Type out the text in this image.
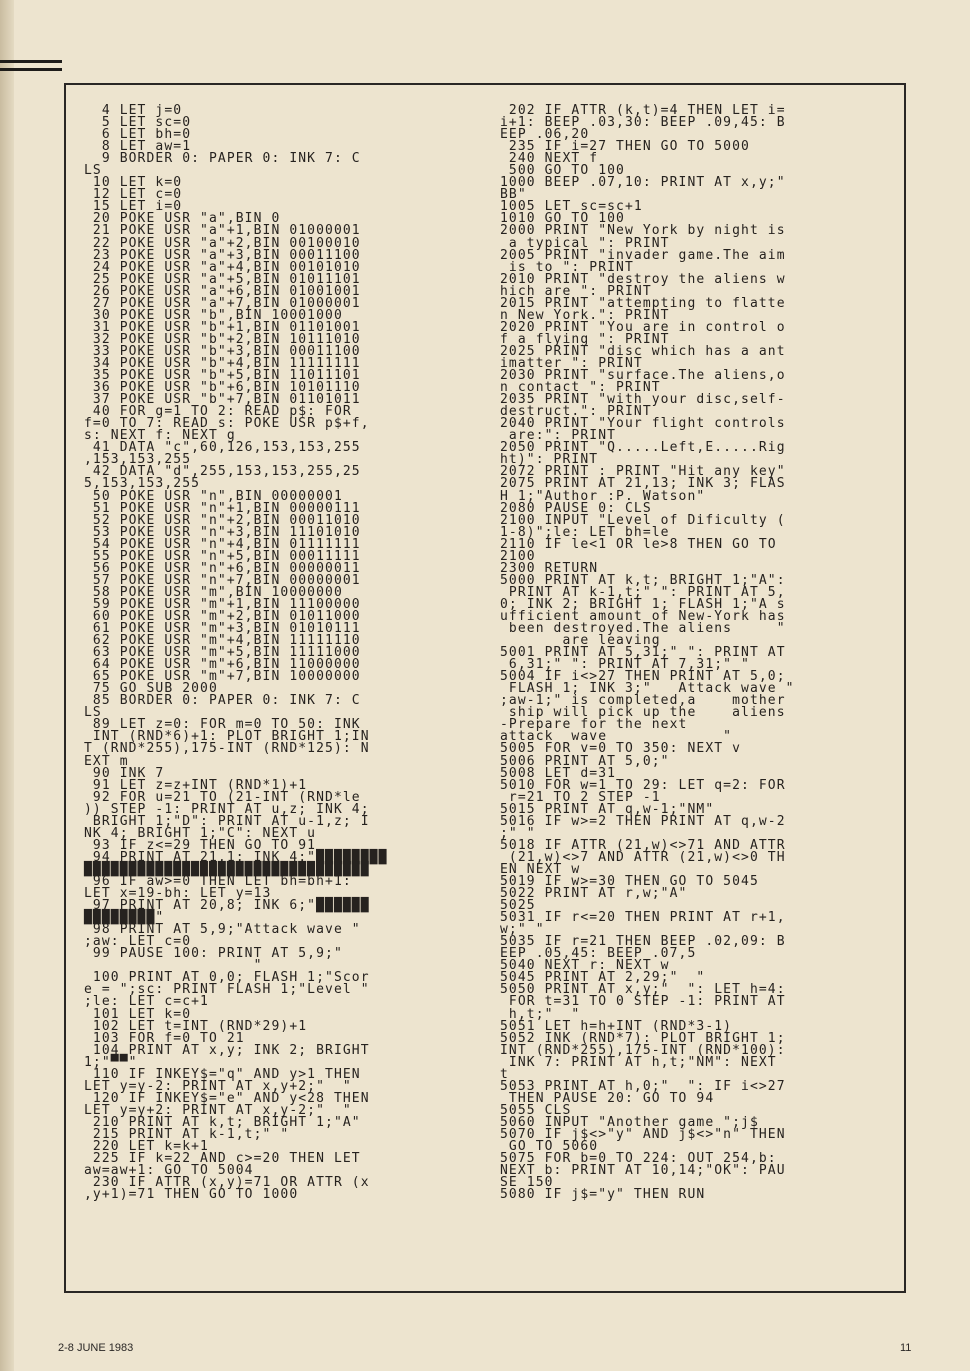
4 LET j=0
5 LET sc=0
6 LET bh=0
8 LET aw=1
9 BORDER 0: PAPER 0: INK 7: C
LS
10 LET k=0
12 LET c=0
15 LET i=0
20 POKE USR "a",BIN 0
21 POKE USR "a"+1,BIN 01000001
22 POKE USR "a"+2,BIN 00100010
23 POKE USR "a"+3,BIN 00011100
24 POKE USR "a"+4,BIN 00101010
25 POKE USR "a"+5,BIN 01011101
26 POKE USR "a"+6,BIN 01001001
27 POKE USR "a"+7,BIN 01000001
30 POKE USR "b",BIN 10001000
31 POKE USR "b"+1,BIN 01101001
32 POKE USR "b"+2,BIN 10111010
33 POKE USR "b"+3,BIN 00011100
34 POKE USR "b"+4,BIN 11111111
35 POKE USR "b"+5,BIN 11011101
36 POKE USR "b"+6,BIN 10101110
37 POKE USR "b"+7,BIN 01101011
40 FOR g=1 TO 2: READ p$: FOR
f=0 TO 7: READ s: POKE USR p$+f,
s: NEXT f: NEXT g
41 DATA "c",60,126,153,153,255
,153,153,255
42 DATA "d",255,153,153,255,25
5,153,153,255
50 POKE USR "n",BIN 00000001
51 POKE USR "n"+1,BIN 00000111
52 POKE USR "n"+2,BIN 00011010
53 POKE USR "n"+3,BIN 11101010
54 POKE USR "n"+4,BIN 01111111
55 POKE USR "n"+5,BIN 00011111
56 POKE USR "n"+6,BIN 00000011
57 POKE USR "n"+7,BIN 00000001
58 POKE USR "m",BIN 10000000
59 POKE USR "m"+1,BIN 11100000
60 POKE USR "m"+2,BIN 01011000
61 POKE USR "m"+3,BIN 01010111
62 POKE USR "m"+4,BIN 11111110
63 POKE USR "m"+5,BIN 11111000
64 POKE USR "m"+6,BIN 11000000
65 POKE USR "m"+7,BIN 10000000
75 GO SUB 2000
85 BORDER 0: PAPER 0: INK 7: C
LS
89 LET z=0: FOR m=0 TO 50: INK
INT (RND*6)+1: PLOT BRIGHT 1;IN
T (RND*255),175-INT (RND*125): N
EXT m
90 INK 7
91 LET z=z+INT (RND*1)+1
92 FOR u=21 TO (21-INT (RND*le
)) STEP -1: PRINT AT u,z; INK 4;
BRIGHT 1;"D": PRINT AT u-1,z; I
NK 4; BRIGHT 1;"C": NEXT u
93 IF z<=29 THEN GO TO 91
94 PRINT AT 21,1; INK 4;"████████
████████████████████████████████
96 IF aw>=0 THEN LET bh=bh+1:
LET x=19-bh: LET y=13
97 PRINT AT 20,8; INK 6;"██████
████████"
98 PRINT AT 5,9;"Attack wave "
;aw: LET c=0
99 PAUSE 100: PRINT AT 5,9;"
"
100 PRINT AT 0,0; FLASH 1;"Scor
e = ";sc: PRINT FLASH 1;"Level "
;le: LET c=c+1
101 LET k=0
102 LET t=INT (RND*29)+1
103 FOR f=0 TO 21
104 PRINT AT x,y; INK 2; BRIGHT
1;"▀▀"
110 IF INKEY$="q" AND y>1 THEN
LET y=y-2: PRINT AT x,y+2;"  "
120 IF INKEY$="e" AND y<28 THEN
LET y=y+2: PRINT AT x,y-2;"  "
210 PRINT AT k,t; BRIGHT 1;"A"
215 PRINT AT k-1,t;" "
220 LET k=k+1
225 IF k=22 AND c>=20 THEN LET
aw=aw+1: GO TO 5004
230 IF ATTR (x,y)=71 OR ATTR (x
,y+1)=71 THEN GO TO 1000
202 IF ATTR (k,t)=4 THEN LET i=
i+1: BEEP .03,30: BEEP .09,45: B
EEP .06,20
235 IF i=27 THEN GO TO 5000
240 NEXT f
500 GO TO 100
1000 BEEP .07,10: PRINT AT x,y;"
BB"
1005 LET sc=sc+1
1010 GO TO 100
2000 PRINT "New York by night is
a typical ": PRINT
2005 PRINT "invader game.The aim
is to ": PRINT
2010 PRINT "destroy the aliens w
hich are ": PRINT
2015 PRINT "attempting to flatte
n New York.": PRINT
2020 PRINT "You are in control o
f a flying ": PRINT
2025 PRINT "disc which has a ant
imatter ": PRINT
2030 PRINT "surface.The aliens,o
n contact ": PRINT
2035 PRINT "with your disc,self-
destruct.": PRINT
2040 PRINT "Your flight controls
are:": PRINT
2050 PRINT "Q.....Left,E.....Rig
ht)": PRINT
2072 PRINT : PRINT "Hit any key"
2075 PRINT AT 21,13; INK 3; FLAS
H 1;"Author :P. Watson"
2080 PAUSE 0: CLS
2100 INPUT "Level of Dificulty (
1-8)";le: LET bh=le
2110 IF le<1 OR le>8 THEN GO TO
2100
2300 RETURN
5000 PRINT AT k,t; BRIGHT 1;"A":
PRINT AT k-1,t;" ": PRINT AT 5,
0; INK 2; BRIGHT 1; FLASH 1;"A s
ufficient amount of New-York has
been destroyed.The aliens     "
are leaving
5001 PRINT AT 5,31;" ": PRINT AT
6,31;" ": PRINT AT 7,31;" "
5004 IF i<>27 THEN PRINT AT 5,0;
FLASH 1; INK 3;"   Attack wave "
;aw-1;" is completed,a    mother
ship will pick up the    aliens
-Prepare for the next
attack  wave             "
5005 FOR v=0 TO 350: NEXT v
5006 PRINT AT 5,0;"
5008 LET d=31
5010 FOR w=1 TO 29: LET q=2: FOR
r=21 TO 2 STEP -1
5015 PRINT AT q,w-1;"NM"
5016 IF w>=2 THEN PRINT AT q,w-2
;" "
5018 IF ATTR (21,w)<>71 AND ATTR
(21,w)<>7 AND ATTR (21,w)<>0 TH
EN NEXT w
5019 IF w>=30 THEN GO TO 5045
5022 PRINT AT r,w;"A"
5025
5031 IF r<=20 THEN PRINT AT r+1,
w;" "
5035 IF r=21 THEN BEEP .02,09: B
EEP .05,45: BEEP .07,5
5040 NEXT r: NEXT w
5045 PRINT AT 2,29;"  "
5050 PRINT AT x,y;"  ": LET h=4:
FOR t=31 TO 0 STEP -1: PRINT AT
h,t;"  "
5051 LET h=h+INT (RND*3-1)
5052 INK (RND*7): PLOT BRIGHT 1;
INT (RND*255),175-INT (RND*100):
INK 7: PRINT AT h,t;"NM": NEXT
t
5053 PRINT AT h,0;"  ": IF i<>27
THEN PAUSE 20: GO TO 94
5055 CLS
5060 INPUT "Another game ";j$
5070 IF j$<>"y" AND j$<>"n" THEN
GO TO 5060
5075 FOR b=0 TO 224: OUT 254,b:
NEXT b: PRINT AT 10,14;"OK": PAU
SE 150
5080 IF j$="y" THEN RUN
2-8 JUNE 1983	11
